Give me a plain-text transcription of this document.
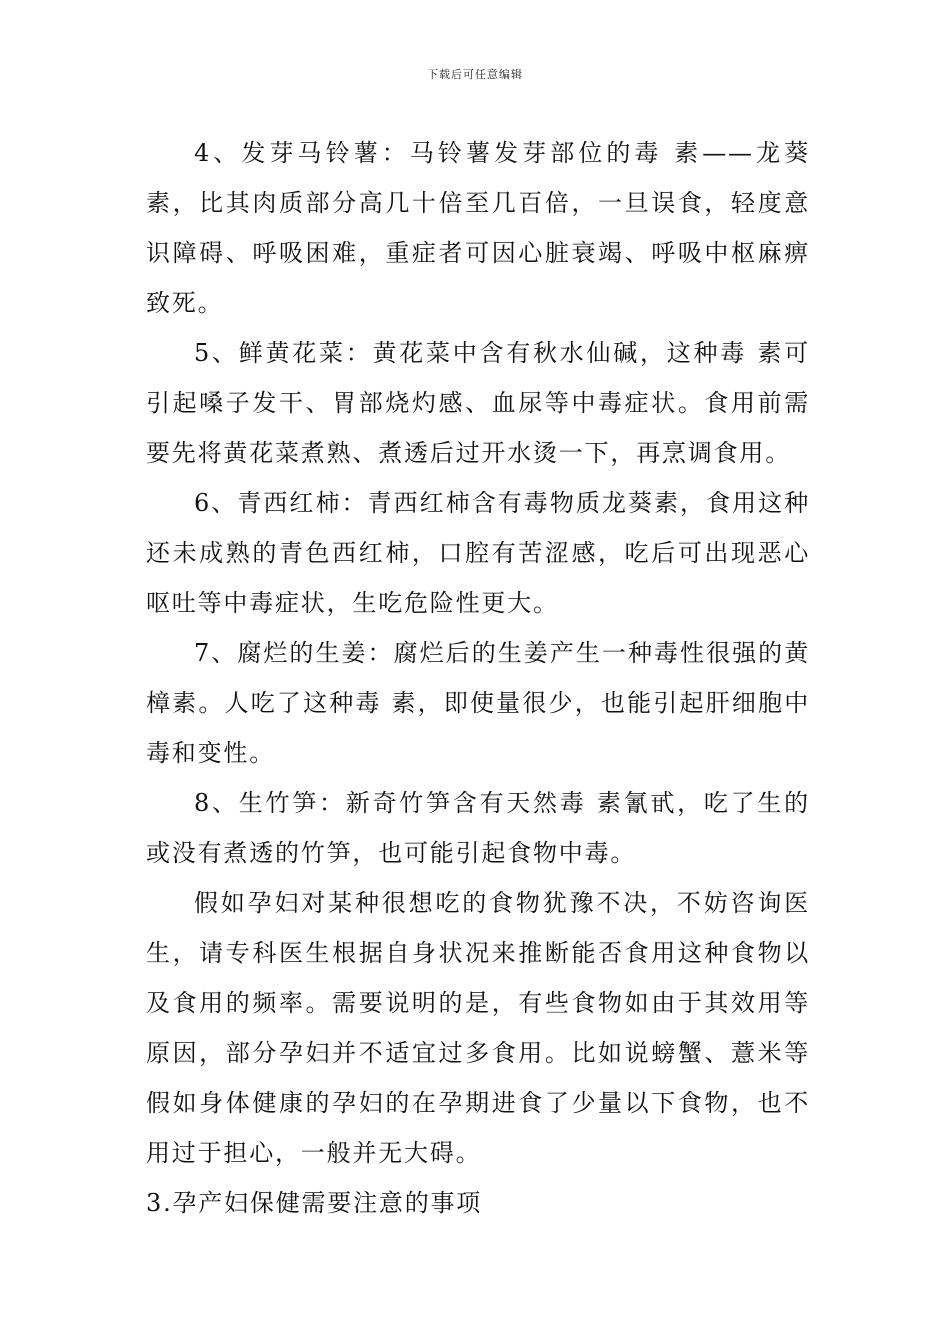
下载后可任意编辑

4、发芽马铃薯：马铃薯发芽部位的毒 素——龙葵素，比其肉质部分高几十倍至几百倍，一旦误食，轻度意识障碍、呼吸困难，重症者可因心脏衰竭、呼吸中枢麻痹致死。

5、鲜黄花菜：黄花菜中含有秋水仙碱，这种毒 素可引起嗓子发干、胃部烧灼感、血尿等中毒症状。食用前需要先将黄花菜煮熟、煮透后过开水烫一下，再烹调食用。

6、青西红柿：青西红柿含有毒物质龙葵素，食用这种还未成熟的青色西红柿，口腔有苦涩感，吃后可出现恶心呕吐等中毒症状，生吃危险性更大。

7、腐烂的生姜：腐烂后的生姜产生一种毒性很强的黄樟素。人吃了这种毒 素，即使量很少，也能引起肝细胞中毒和变性。

8、生竹笋：新奇竹笋含有天然毒 素氰甙，吃了生的或没有煮透的竹笋，也可能引起食物中毒。

假如孕妇对某种很想吃的食物犹豫不决，不妨咨询医生，请专科医生根据自身状况来推断能否食用这种食物以及食用的频率。需要说明的是，有些食物如由于其效用等原因，部分孕妇并不适宜过多食用。比如说螃蟹、薏米等假如身体健康的孕妇的在孕期进食了少量以下食物，也不用过于担心，一般并无大碍。

3.孕产妇保健需要注意的事项
